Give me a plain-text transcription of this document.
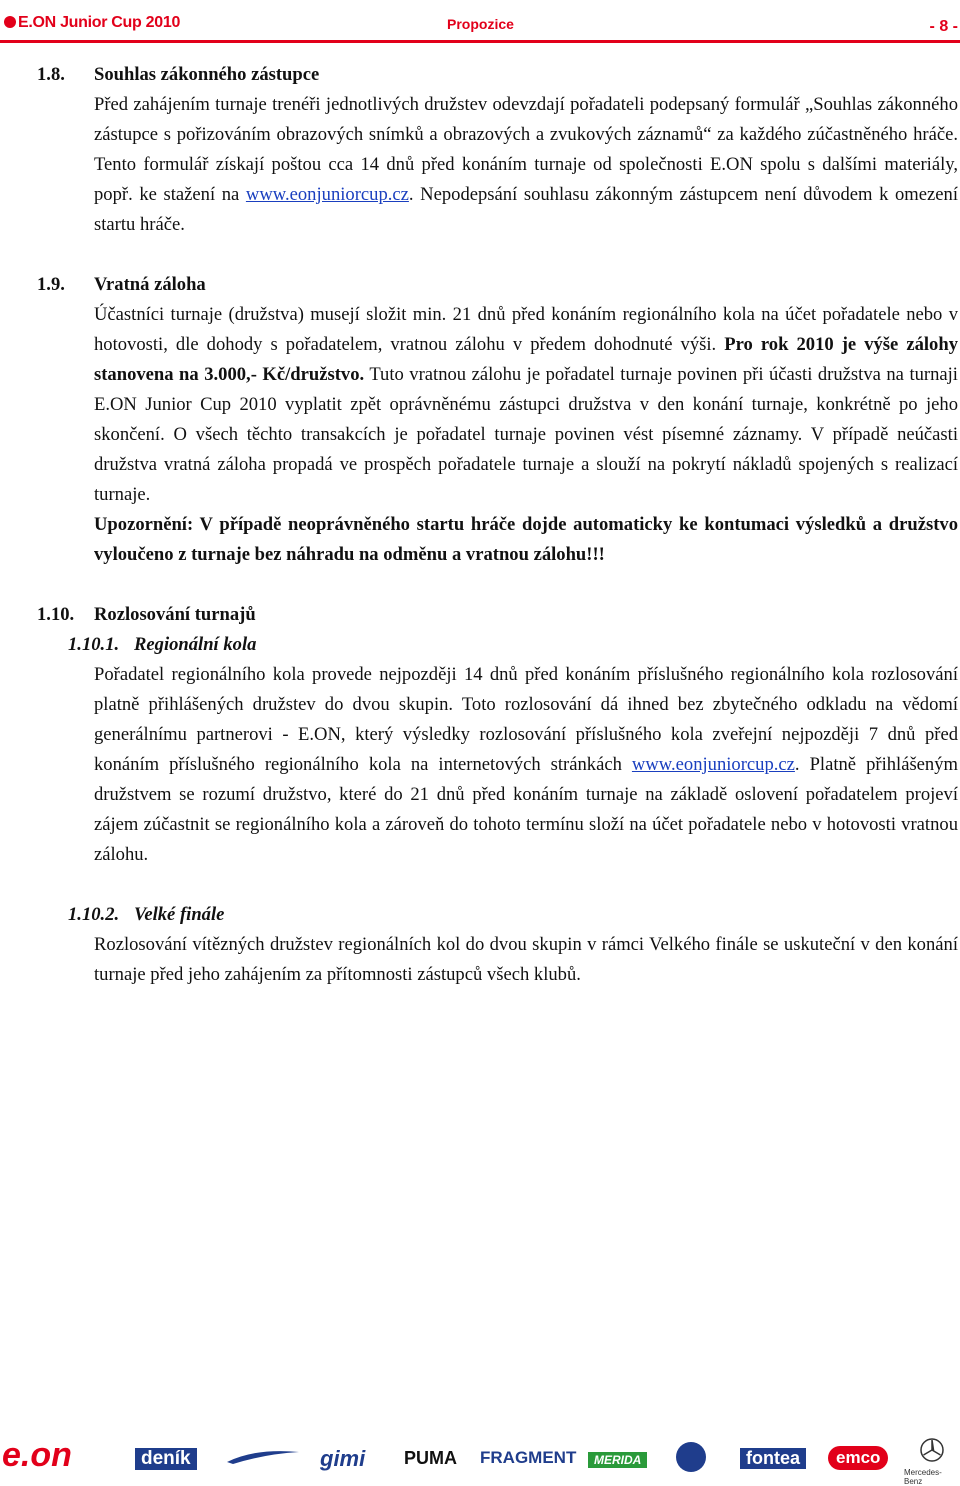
E.ON Junior Cup 2010	Propozice	- 8 -
1.8. Souhlas zákonného zástupce
Před zahájením turnaje trenéři jednotlivých družstev odevzdají pořadateli podepsaný formulář „Souhlas zákonného zástupce s pořizováním obrazových snímků a obrazových a zvukových záznamů“ za každého zúčastněného hráče. Tento formulář získají poštou cca 14 dnů před konáním turnaje od společnosti E.ON spolu s dalšími materiály, popř. ke stažení na www.eonjuniorcup.cz. Nepodepsání souhlasu zákonným zástupcem není důvodem k omezení startu hráče.
1.9. Vratná záloha
Účastníci turnaje (družstva) musejí složit min. 21 dnů před konáním regionálního kola na účet pořadatele nebo v hotovosti, dle dohody s pořadatelem, vratnou zálohu v předem dohodnuté výši. Pro rok 2010 je výše zálohy stanovena na 3.000,- Kč/družstvo. Tuto vratnou zálohu je pořadatel turnaje povinen při účasti družstva na turnaji E.ON Junior Cup 2010 vyplatit zpět oprávněnému zástupci družstva v den konání turnaje, konkrétně po jeho skončení. O všech těchto transakcích je pořadatel turnaje povinen vést písemné záznamy. V případě neúčasti družstva vratná záloha propadá ve prospěch pořadatele turnaje a slouží na pokrytí nákladů spojených s realizací turnaje.
Upozornění: V případě neoprávněného startu hráče dojde automaticky ke kontumaci výsledků a družstvo vyloučeno z turnaje bez náhradu na odměnu a vratnou zálohu!!!
1.10. Rozlosování turnajů
1.10.1. Regionální kola
Pořadatel regionálního kola provede nejpozději 14 dnů před konáním příslušného regionálního kola rozlosování platně přihlášených družstev do dvou skupin. Toto rozlosování dá ihned bez zbytečného odkladu na vědomí generálnímu partnerovi - E.ON, který výsledky rozlosování příslušného kola zveřejní nejpozději 7 dnů před konáním příslušného regionálního kola na internetových stránkách www.eonjuniorcup.cz. Platně přihlášeným družstvem se rozumí družstvo, které do 21 dnů před konáním turnaje na základě oslovení pořadatelem projeví zájem zúčastnit se regionálního kola a zároveň do tohoto termínu složí na účet pořadatele nebo v hotovosti vratnou zálohu.
1.10.2. Velké finále
Rozlosování vítězných družstev regionálních kol do dvou skupin v rámci Velkého finále se uskuteční v den konání turnaje před jeho zahájením za přítomnosti zástupců všech klubů.
e.on	deník	gimi PUMA FRAGMENT	MERIDA	fontea	emco
Mercedes-Benz
